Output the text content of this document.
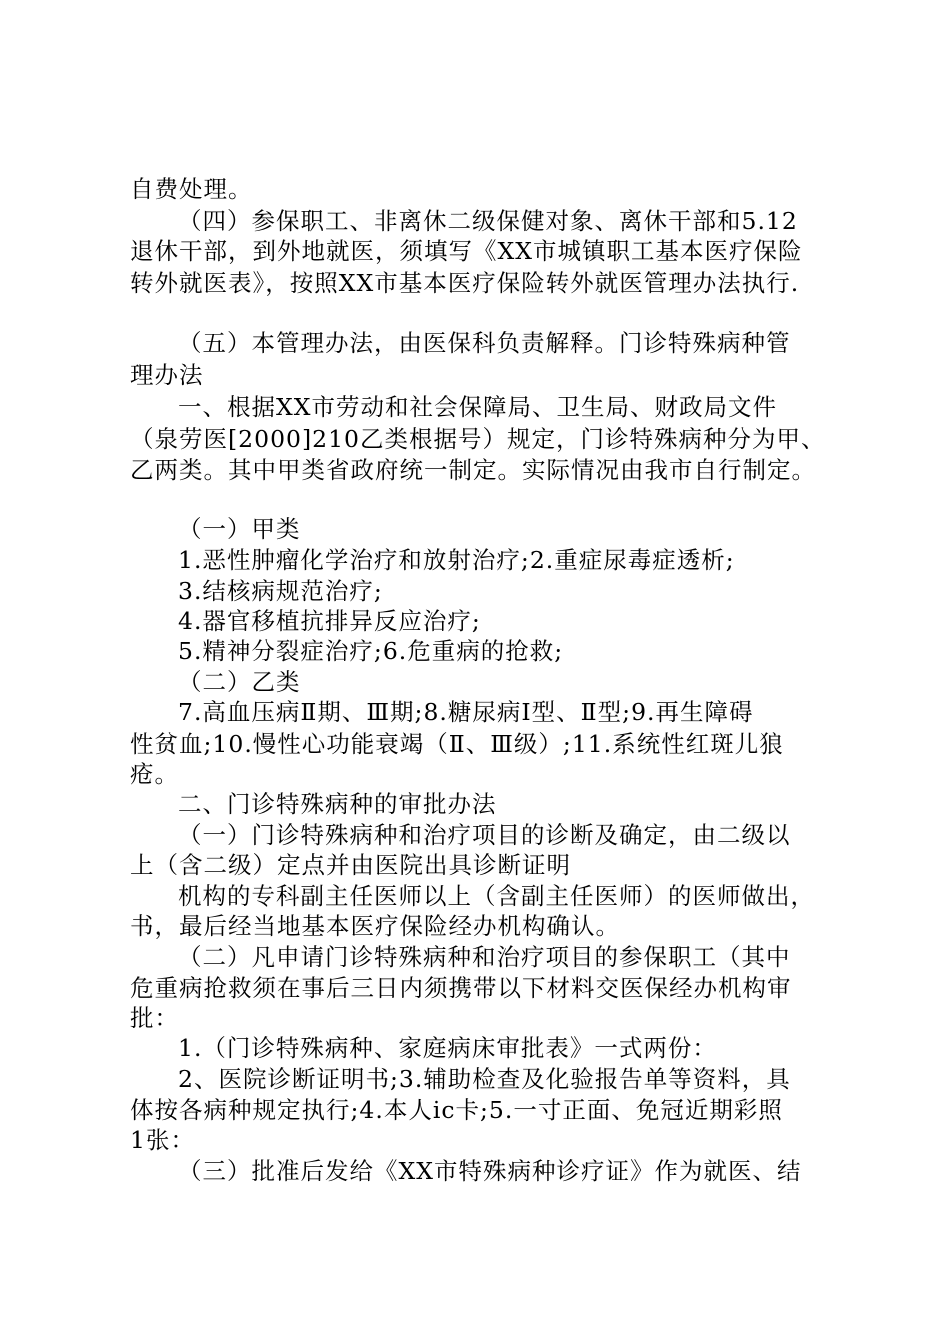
自费处理。
（四）参保职工、非离休二级保健对象、离休干部和5.12
退休干部，到外地就医，须填写《XX市城镇职工基本医疗保险
转外就医表》，按照XX市基本医疗保险转外就医管理办法执行.
（五）本管理办法，由医保科负责解释。门诊特殊病种管
理办法
一、根据XX市劳动和社会保障局、卫生局、财政局文件
（泉劳医[2000]210乙类根据号）规定，门诊特殊病种分为甲、
乙两类。其中甲类省政府统一制定。实际情况由我市自行制定。
（一）甲类
1.恶性肿瘤化学治疗和放射治疗;2.重症尿毒症透析;
3.结核病规范治疗;
4.器官移植抗排异反应治疗;
5.精神分裂症治疗;6.危重病的抢救;
（二）乙类
7.高血压病Ⅱ期、Ⅲ期;8.糖尿病Ⅰ型、Ⅱ型;9.再生障碍
性贫血;10.慢性心功能衰竭（Ⅱ、Ⅲ级）;11.系统性红斑儿狼
疮。
二、门诊特殊病种的审批办法
（一）门诊特殊病种和治疗项目的诊断及确定，由二级以
上（含二级）定点并由医院出具诊断证明
机构的专科副主任医师以上（含副主任医师）的医师做出，
书，最后经当地基本医疗保险经办机构确认。
（二）凡申请门诊特殊病种和治疗项目的参保职工（其中
危重病抢救须在事后三日内须携带以下材料交医保经办机构审
批：
1.（门诊特殊病种、家庭病床审批表》一式两份：
2、医院诊断证明书;3.辅助检查及化验报告单等资料，具
体按各病种规定执行;4.本人ic卡;5.一寸正面、免冠近期彩照
1张：
（三）批准后发给《XX市特殊病种诊疗证》作为就医、结
